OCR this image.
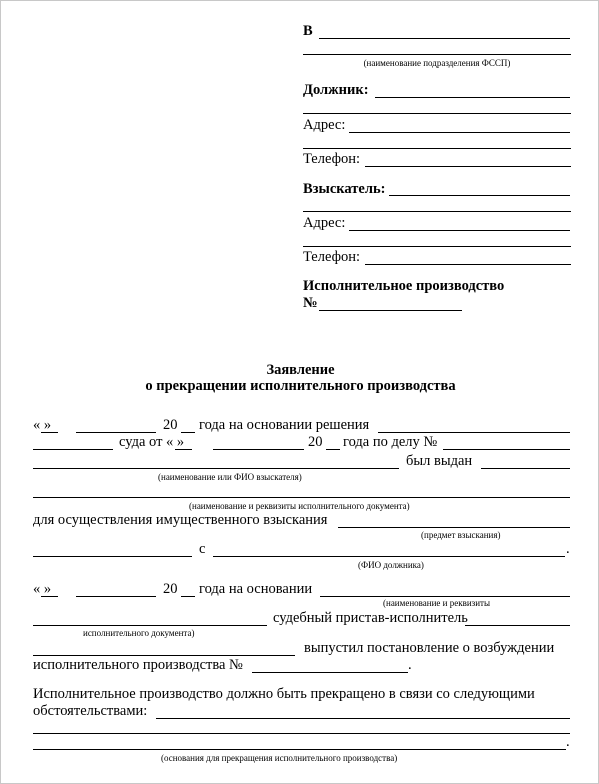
В
(наименование подразделения ФССП)
Должник:
Адрес:
Телефон:
Взыскатель:
Адрес:
Телефон:
Исполнительное производство
№
Заявление
о прекращении исполнительного производства
« »	20 года на основании решения
суда от « »	20 года по делу №
был выдан
(наименование или ФИО взыскателя)
(наименование и реквизиты исполнительного документа)
для осуществления имущественного взыскания
(предмет взыскания)
с	.
(ФИО должника)
« »	20 года на основании
(наименование и реквизиты
судебный пристав-исполнитель
исполнительного документа)
выпустил постановление о возбуждении
исполнительного производства №	.
Исполнительное производство должно быть прекращено в связи со следующими
обстоятельствами:
.
(основания для прекращения исполнительного производства)
